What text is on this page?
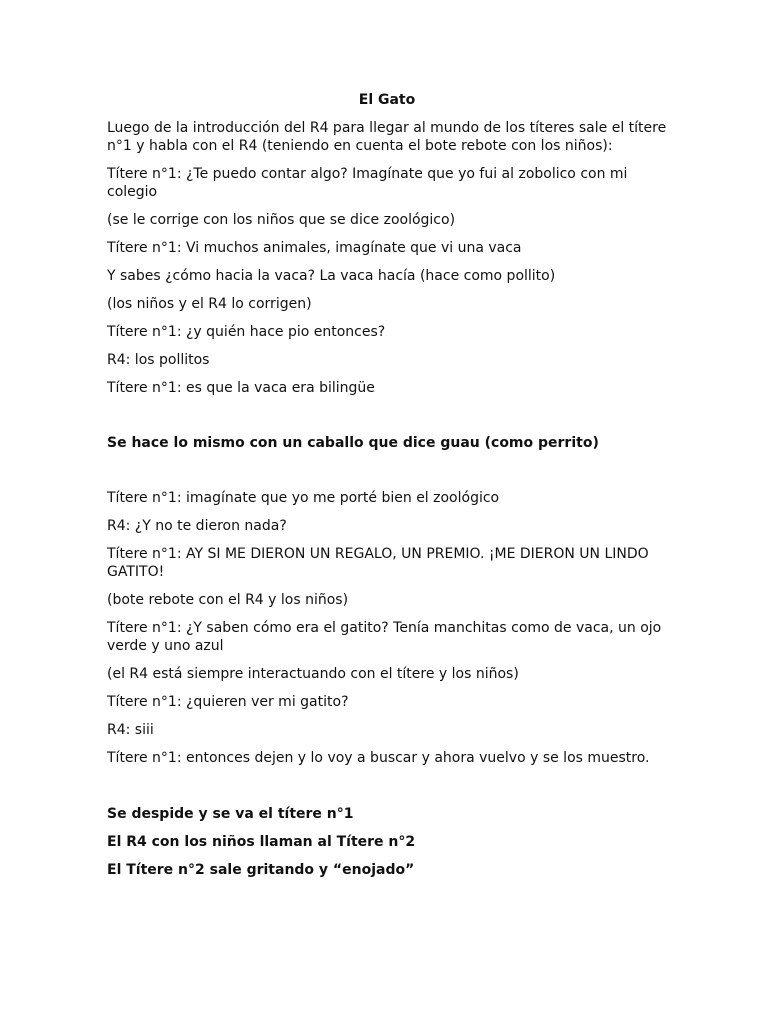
El Gato

Luego de la introducción del R4 para llegar al mundo de los títeres sale el títere n°1 y habla con el R4 (teniendo en cuenta el bote rebote con los niños):

Títere n°1: ¿Te puedo contar algo? Imagínate que yo fui al zobolico con mi colegio

(se le corrige con los niños que se dice zoológico)

Títere n°1: Vi muchos animales, imagínate que vi una vaca

Y sabes ¿cómo hacia la vaca? La vaca hacía (hace como pollito)

(los niños y el R4 lo corrigen)

Títere n°1: ¿y quién hace pio entonces?

R4: los pollitos

Títere n°1: es que la vaca era bilingüe

Se hace lo mismo con un caballo que dice guau (como perrito)

Títere n°1: imagínate que yo me porté bien el zoológico

R4: ¿Y no te dieron nada?

Títere n°1: AY SI ME DIERON UN REGALO, UN PREMIO. ¡ME DIERON UN LINDO GATITO!

(bote rebote con el R4 y los niños)

Títere n°1: ¿Y saben cómo era el gatito? Tenía manchitas como de vaca, un ojo verde y uno azul

(el R4 está siempre interactuando con el títere y los niños)

Títere n°1: ¿quieren ver mi gatito?

R4: siii

Títere n°1: entonces dejen y lo voy a buscar y ahora vuelvo y se los muestro.

Se despide y se va el títere n°1

El R4 con los niños llaman al Títere n°2

El Títere n°2 sale gritando y “enojado”
